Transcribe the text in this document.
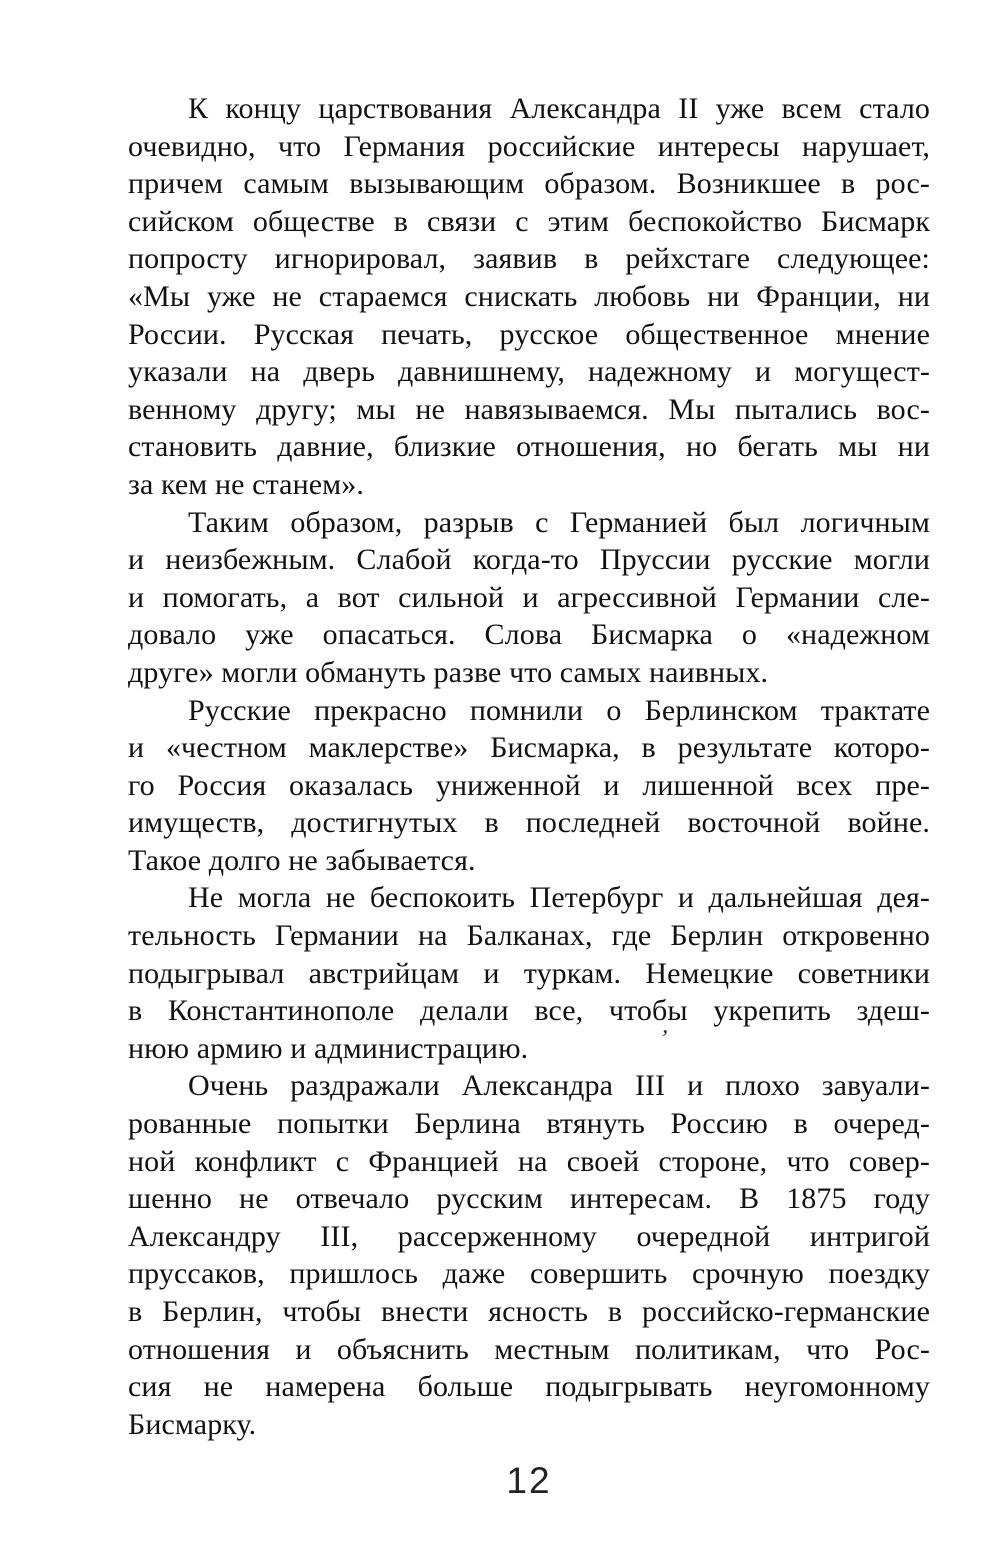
К концу царствования Александра II уже всем стало
очевидно, что Германия российские интересы нарушает,
причем самым вызывающим образом. Возникшее в рос-
сийском обществе в связи с этим беспокойство Бисмарк
попросту игнорировал, заявив в рейхстаге следующее:
«Мы уже не стараемся снискать любовь ни Франции, ни
России. Русская печать, русское общественное мнение
указали на дверь давнишнему, надежному и могущест-
венному другу; мы не навязываемся. Мы пытались вос-
становить давние, близкие отношения, но бегать мы ни
за кем не станем».
Таким образом, разрыв с Германией был логичным
и неизбежным. Слабой когда-то Пруссии русские могли
и помогать, а вот сильной и агрессивной Германии сле-
довало уже опасаться. Слова Бисмарка о «надежном
друге» могли обмануть разве что самых наивных.
Русские прекрасно помнили о Берлинском трактате
и «честном маклерстве» Бисмарка, в результате которо-
го Россия оказалась униженной и лишенной всех пре-
имуществ, достигнутых в последней восточной войне.
Такое долго не забывается.
Не могла не беспокоить Петербург и дальнейшая дея-
тельность Германии на Балканах, где Берлин откровенно
подыгрывал австрийцам и туркам. Немецкие советники
в Константинополе делали все, чтобы укрепить здеш-
нюю армию и администрацию.
Очень раздражали Александра III и плохо завуали-
рованные попытки Берлина втянуть Россию в очеред-
ной конфликт с Францией на своей стороне, что совер-
шенно не отвечало русским интересам. В 1875 году
Александру III, рассерженному очередной интригой
пруссаков, пришлось даже совершить срочную поездку
в Берлин, чтобы внести ясность в российско-германские
отношения и объяснить местным политикам, что Рос-
сия не намерена больше подыгрывать неугомонному
Бисмарку.
ʼ
12
